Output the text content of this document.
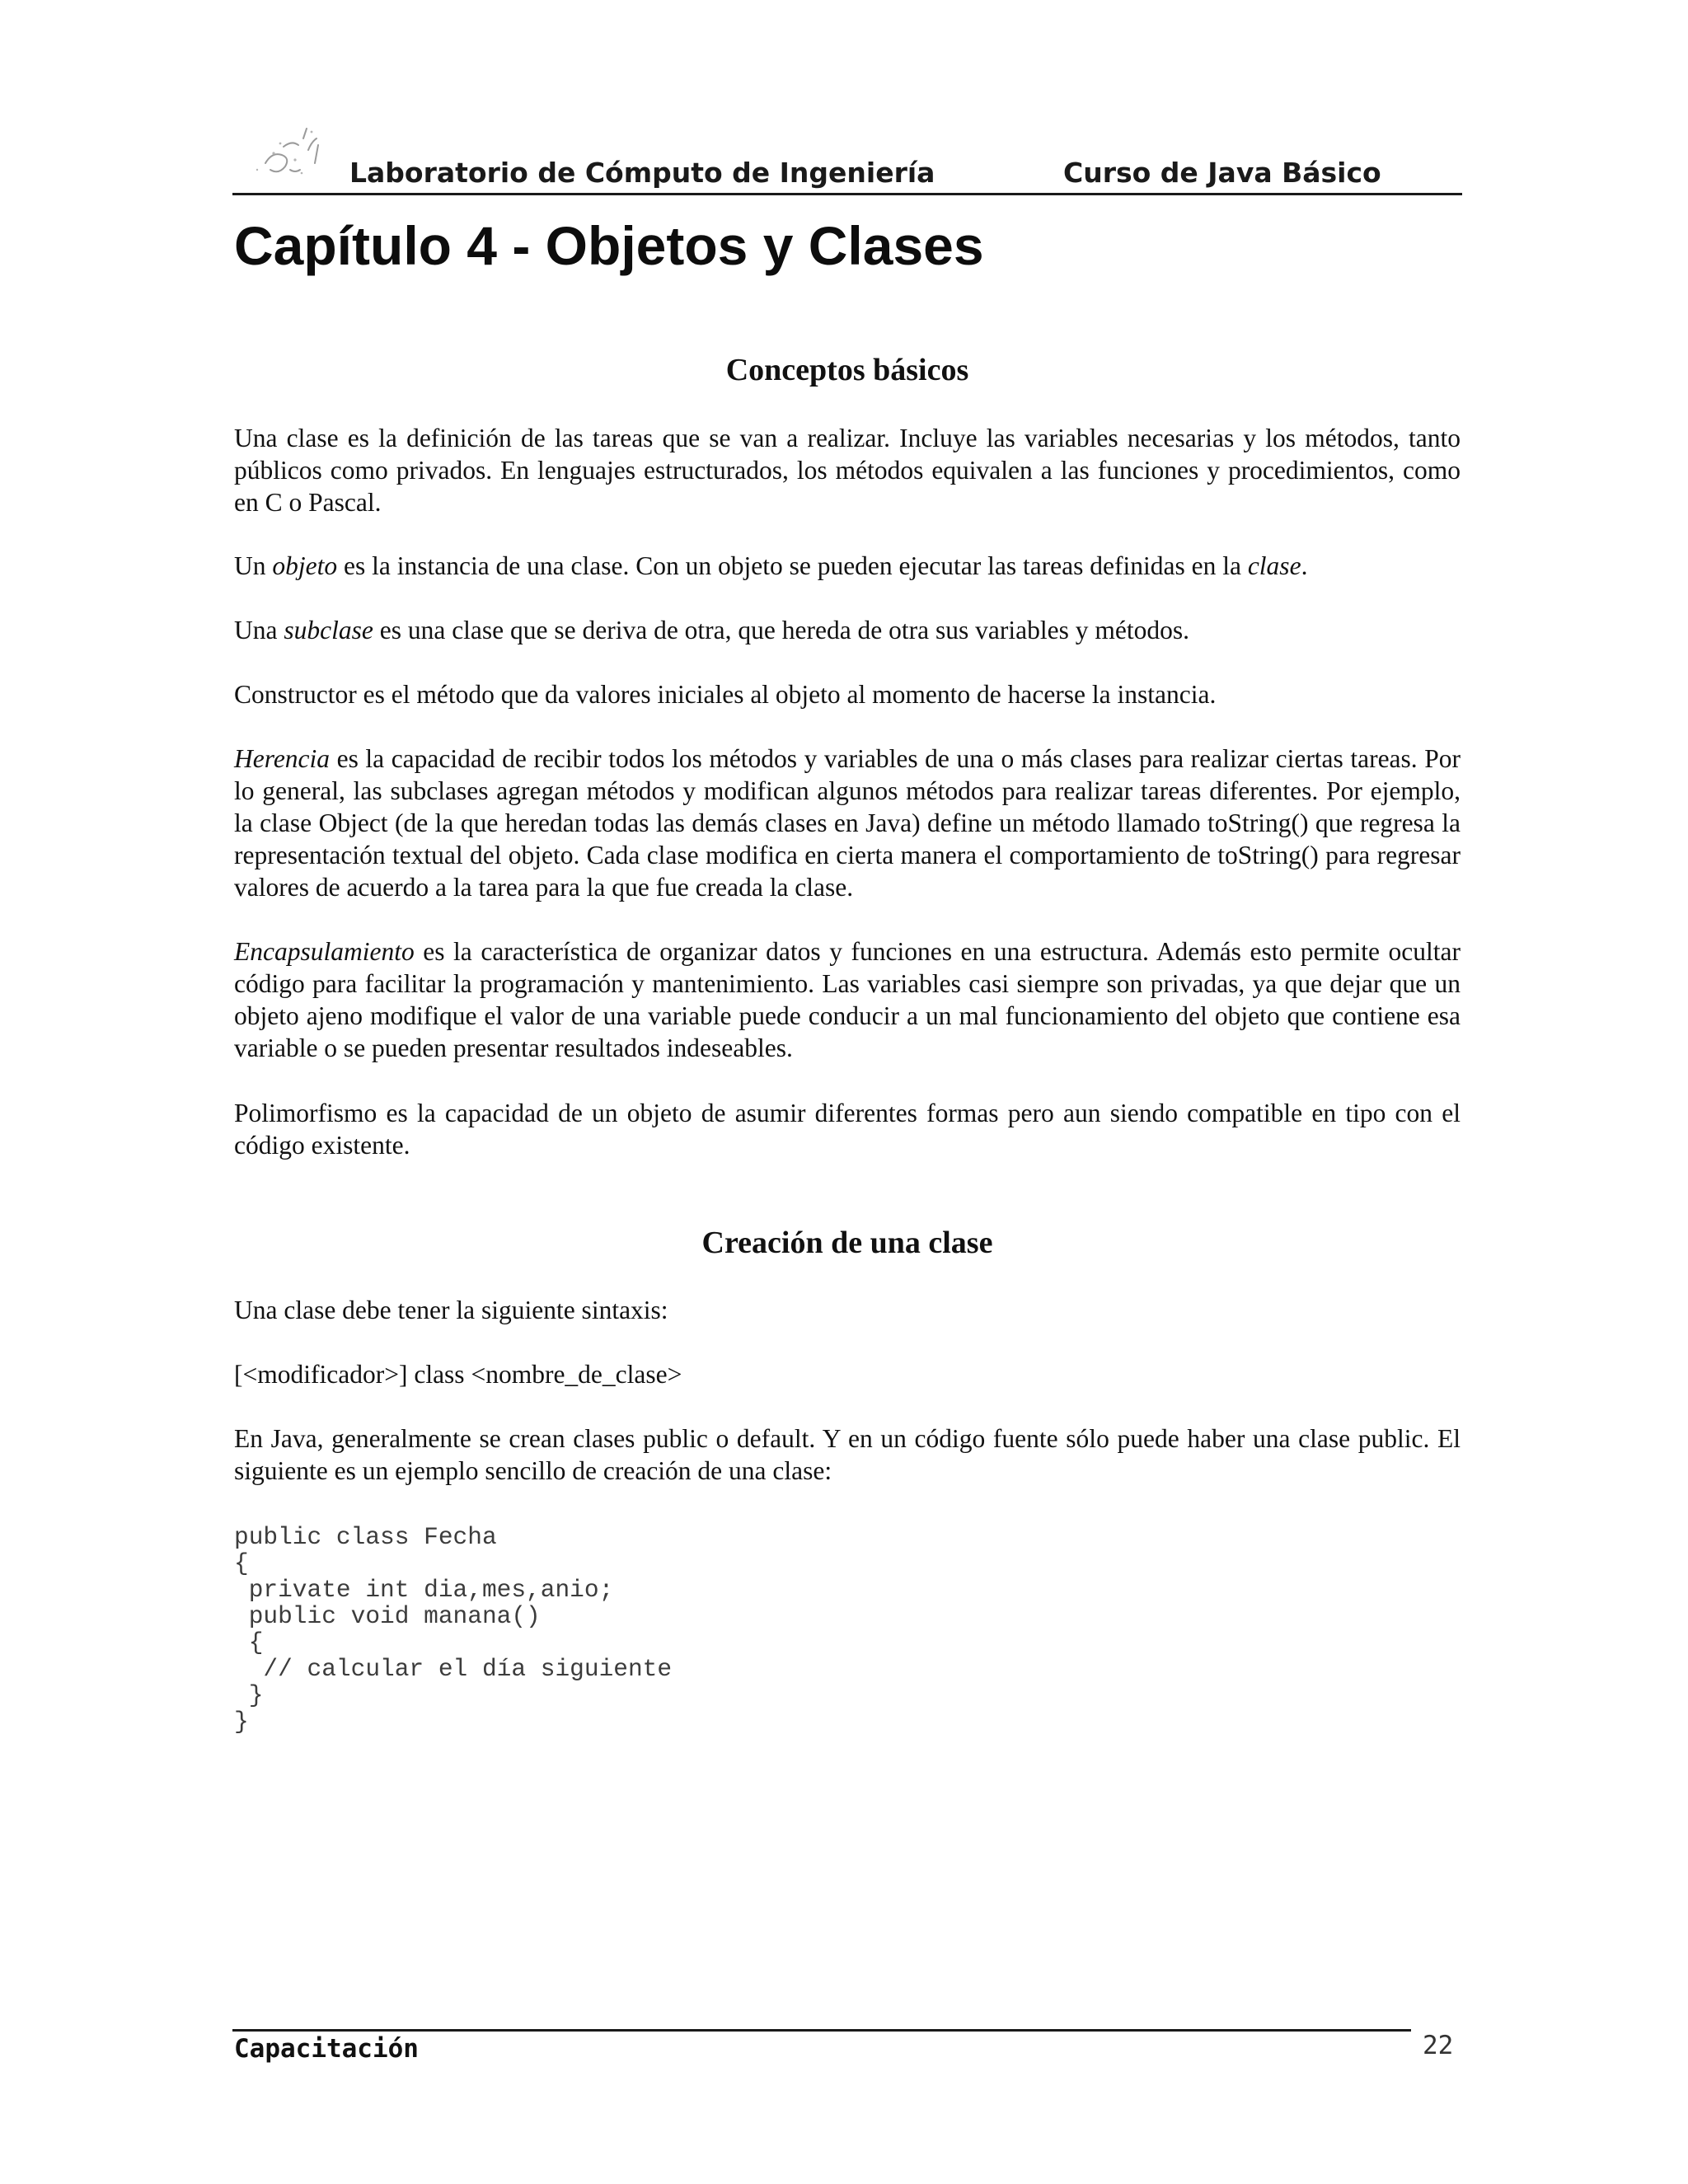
Laboratorio de Cómputo de Ingeniería	Curso de Java Básico
Capítulo 4 - Objetos y Clases
Conceptos básicos

Una clase es la definición de las tareas que se van a realizar. Incluye las variables necesarias y los métodos, tanto públicos como privados. En lenguajes estructurados, los métodos equivalen a las funciones y procedimientos, como en C o Pascal.

Un objeto es la instancia de una clase. Con un objeto se pueden ejecutar las tareas definidas en la clase.

Una subclase es una clase que se deriva de otra, que hereda de otra sus variables y métodos.

Constructor es el método que da valores iniciales al objeto al momento de hacerse la instancia.

Herencia es la capacidad de recibir todos los métodos y variables de una o más clases para realizar ciertas tareas. Por lo general, las subclases agregan métodos y modifican algunos métodos para realizar tareas diferentes. Por ejemplo, la clase Object (de la que heredan todas las demás clases en Java) define un método llamado toString() que regresa la representación textual del objeto. Cada clase modifica en cierta manera el comportamiento de toString() para regresar valores de acuerdo a la tarea para la que fue creada la clase.

Encapsulamiento es la característica de organizar datos y funciones en una estructura. Además esto permite ocultar código para facilitar la programación y mantenimiento. Las variables casi siempre son privadas, ya que dejar que un objeto ajeno modifique el valor de una variable puede conducir a un mal funcionamiento del objeto que contiene esa variable o se pueden presentar resultados indeseables.

Polimorfismo es la capacidad de un objeto de asumir diferentes formas pero aun siendo compatible en tipo con el código existente.

Creación de una clase

Una clase debe tener la siguiente sintaxis:

[<modificador>] class <nombre_de_clase>

En Java, generalmente se crean clases public o default. Y en un código fuente sólo puede haber una clase public. El siguiente es un ejemplo sencillo de creación de una clase:

public class Fecha
{
private int dia,mes,anio;
public void manana()
{
// calcular el día siguiente
}
}
Capacitación	22
